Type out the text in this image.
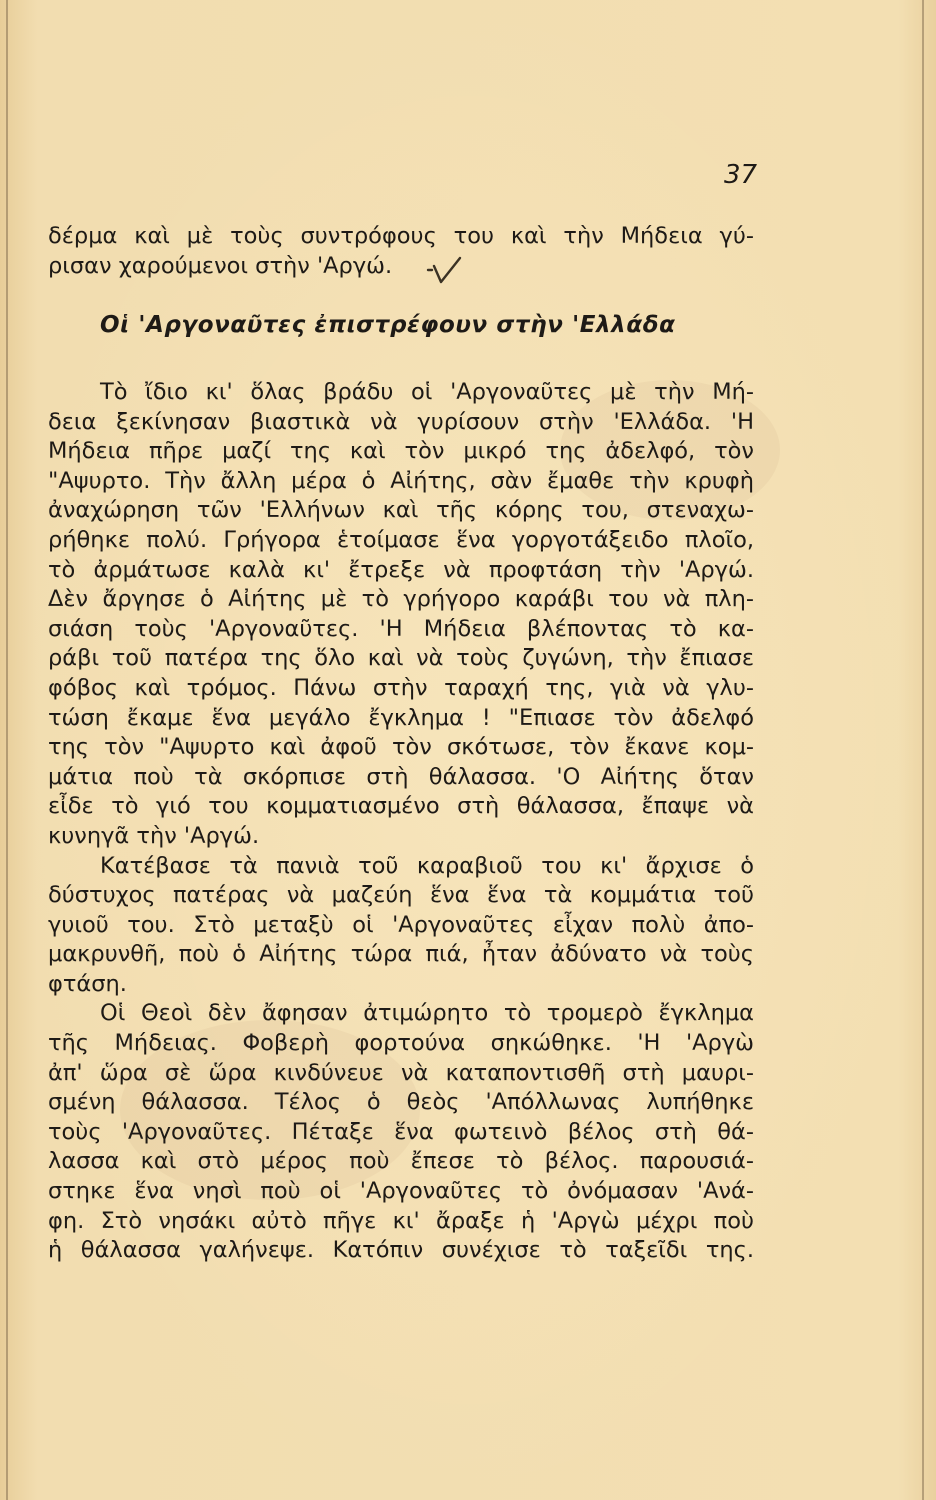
37
δέρμα καὶ μὲ τοὺς συντρόφους του καὶ τὴν Μήδεια γύ-
ρισαν χαρούμενοι στὴν 'Αργώ.
Οἱ 'Αργοναῦτες ἐπιστρέφουν στὴν 'Ελλάδα
Τὸ ἴδιο κι' ὅλας βράδυ οἱ 'Αργοναῦτες μὲ τὴν Μή-
δεια ξεκίνησαν βιαστικὰ νὰ γυρίσουν στὴν 'Ελλάδα. 'Η
Μήδεια πῆρε μαζί της καὶ τὸν μικρό της ἀδελφό, τὸν
"Αψυρτο. Τὴν ἄλλη μέρα ὁ Αἰήτης, σὰν ἔμαθε τὴν κρυφὴ
ἀναχώρηση τῶν 'Ελλήνων καὶ τῆς κόρης του, στεναχω-
ρήθηκε πολύ. Γρήγορα ἑτοίμασε ἕνα γοργοτάξειδο πλοῖο,
τὸ ἀρμάτωσε καλὰ κι' ἔτρεξε νὰ προφτάση τὴν 'Αργώ.
Δὲν ἄργησε ὁ Αἰήτης μὲ τὸ γρήγορο καράβι του νὰ πλη-
σιάση τοὺς 'Αργοναῦτες. 'Η Μήδεια βλέποντας τὸ κα-
ράβι τοῦ πατέρα της ὅλο καὶ νὰ τοὺς ζυγώνη, τὴν ἔπιασε
φόβος καὶ τρόμος. Πάνω στὴν ταραχή της, γιὰ νὰ γλυ-
τώση ἔκαμε ἕνα μεγάλο ἔγκλημα ! "Επιασε τὸν ἀδελφό
της τὸν "Αψυρτο καὶ ἀφοῦ τὸν σκότωσε, τὸν ἔκανε κομ-
μάτια ποὺ τὰ σκόρπισε στὴ θάλασσα. 'Ο Αἰήτης ὅταν
εἶδε τὸ γιό του κομματιασμένο στὴ θάλασσα, ἔπαψε νὰ
κυνηγᾶ τὴν 'Αργώ.
Κατέβασε τὰ πανιὰ τοῦ καραβιοῦ του κι' ἄρχισε ὁ
δύστυχος πατέρας νὰ μαζεύη ἕνα ἕνα τὰ κομμάτια τοῦ
γυιοῦ του. Στὸ μεταξὺ οἱ 'Αργοναῦτες εἶχαν πολὺ ἀπο-
μακρυνθῆ, ποὺ ὁ Αἰήτης τώρα πιά, ἦταν ἀδύνατο νὰ τοὺς
φτάση.
Οἱ Θεοὶ δὲν ἄφησαν ἀτιμώρητο τὸ τρομερὸ ἔγκλημα
τῆς Μήδειας. Φοβερὴ φορτούνα σηκώθηκε. 'Η 'Αργὼ
ἀπ' ὥρα σὲ ὥρα κινδύνευε νὰ καταποντισθῆ στὴ μαυρι-
σμένη θάλασσα. Τέλος ὁ θεὸς 'Απόλλωνας λυπήθηκε
τοὺς 'Αργοναῦτες. Πέταξε ἕνα φωτεινὸ βέλος στὴ θά-
λασσα καὶ στὸ μέρος ποὺ ἔπεσε τὸ βέλος. παρουσιά-
στηκε ἕνα νησὶ ποὺ οἱ 'Αργοναῦτες τὸ ὀνόμασαν 'Ανά-
φη. Στὸ νησάκι αὐτὸ πῆγε κι' ἄραξε ἡ 'Αργὼ μέχρι ποὺ
ἡ θάλασσα γαλήνεψε. Κατόπιν συνέχισε τὸ ταξεῖδι της.
